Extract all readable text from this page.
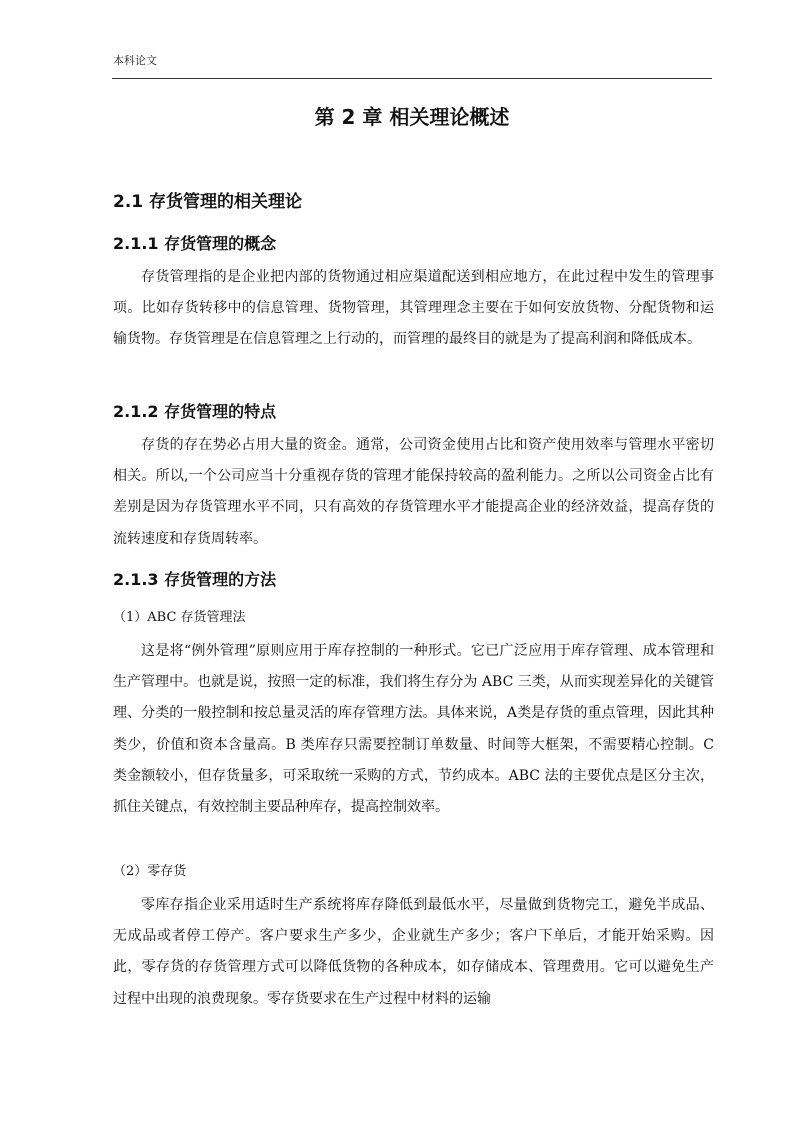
本科论文
第 2 章 相关理论概述
2.1 存货管理的相关理论
2.1.1 存货管理的概念

存货管理指的是企业把内部的货物通过相应渠道配送到相应地方，在此过程中发生的管理事项。比如存货转移中的信息管理、货物管理，其管理理念主要在于如何安放货物、分配货物和运输货物。存货管理是在信息管理之上行动的，而管理的最终目的就是为了提高利润和降低成本。

2.1.2 存货管理的特点

存货的存在势必占用大量的资金。通常，公司资金使用占比和资产使用效率与管理水平密切相关。所以,一个公司应当十分重视存货的管理才能保持较高的盈利能力。之所以公司资金占比有差别是因为存货管理水平不同，只有高效的存货管理水平才能提高企业的经济效益，提高存货的流转速度和存货周转率。

2.1.3 存货管理的方法
（1）ABC 存货管理法

这是将“例外管理”原则应用于库存控制的一种形式。它已广泛应用于库存管理、成本管理和生产管理中。也就是说，按照一定的标准，我们将生存分为 ABC 三类，从而实现差异化的关键管理、分类的一般控制和按总量灵活的库存管理方法。具体来说，A类是存货的重点管理，因此其种类少，价值和资本含量高。B 类库存只需要控制订单数量、时间等大框架，不需要精心控制。C 类金额较小，但存货量多，可采取统一采购的方式，节约成本。ABC 法的主要优点是区分主次，抓住关键点，有效控制主要品种库存，提高控制效率。

（2）零存货

零库存指企业采用适时生产系统将库存降低到最低水平，尽量做到货物完工，避免半成品、无成品或者停工停产。客户要求生产多少，企业就生产多少；客户下单后，才能开始采购。因此，零存货的存货管理方式可以降低货物的各种成本，如存储成本、管理费用。它可以避免生产过程中出现的浪费现象。零存货要求在生产过程中材料的运输
